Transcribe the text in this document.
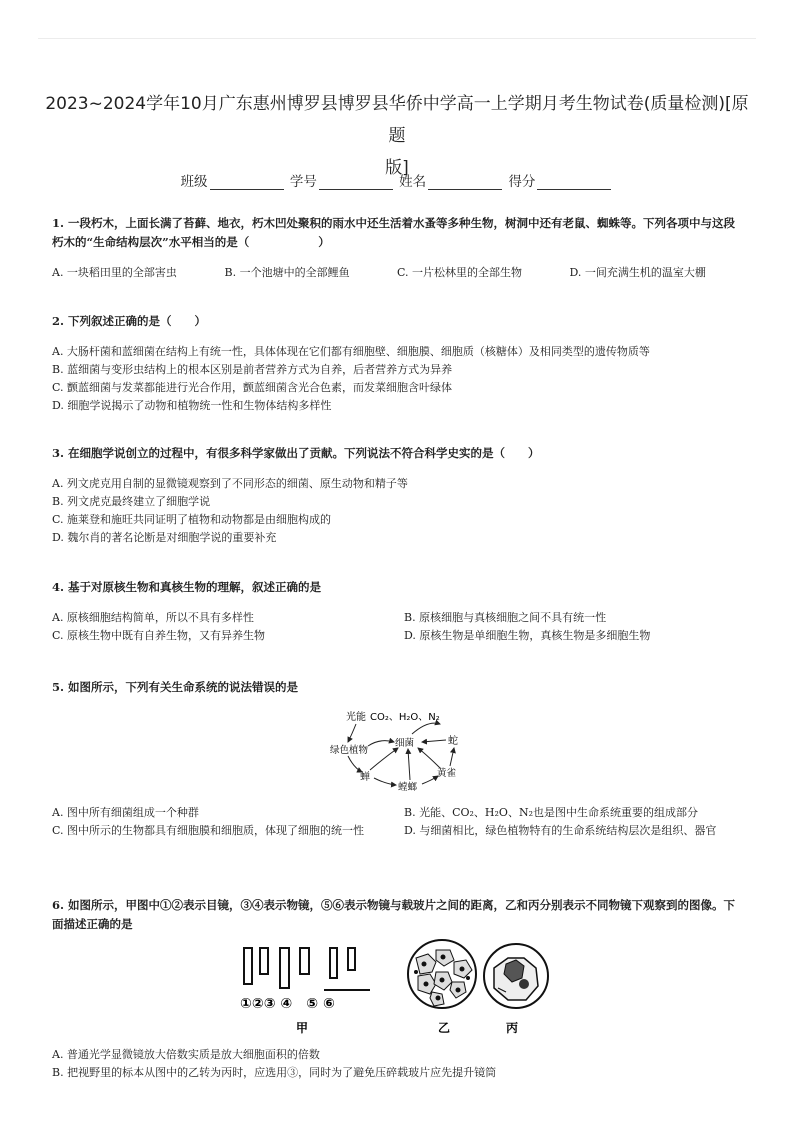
2023~2024学年10月广东惠州博罗县博罗县华侨中学高一上学期月考生物试卷(质量检测)[原题
版]
班级	学号	姓名	得分

1. 一段朽木，上面长满了苔藓、地衣，朽木凹处聚积的雨水中还生活着水蚤等多种生物，树洞中还有老鼠、蜘蛛等。下列各项中与这段朽木的“生命结构层次”水平相当的是（　　　　　　）

A. 一块稻田里的全部害虫	B. 一个池塘中的全部鲤鱼	C. 一片松林里的全部生物	D. 一间充满生机的温室大棚

2. 下列叙述正确的是（　　）

A. 大肠杆菌和蓝细菌在结构上有统一性，具体体现在它们都有细胞壁、细胞膜、细胞质（核糖体）及相同类型的遗传物质等
B. 蓝细菌与变形虫结构上的根本区别是前者营养方式为自养，后者营养方式为异养
C. 颤蓝细菌与发菜都能进行光合作用，颤蓝细菌含光合色素，而发菜细胞含叶绿体
D. 细胞学说揭示了动物和植物统一性和生物体结构多样性

3. 在细胞学说创立的过程中，有很多科学家做出了贡献。下列说法不符合科学史实的是（　　）

A. 列文虎克用自制的显微镜观察到了不同形态的细菌、原生动物和精子等
B. 列文虎克最终建立了细胞学说
C. 施莱登和施旺共同证明了植物和动物都是由细胞构成的
D. 魏尔肖的著名论断是对细胞学说的重要补充

4. 基于对原核生物和真核生物的理解，叙述正确的是

A. 原核细胞结构简单，所以不具有多样性	B. 原核细胞与真核细胞之间不具有统一性
C. 原核生物中既有自养生物，又有异养生物	D. 原核生物是单细胞生物，真核生物是多细胞生物

5. 如图所示，下列有关生命系统的说法错误的是

光能 CO₂、H₂O、N₂
绿色植物
细菌	蛇
蝉
螳螂
黄雀
A. 图中所有细菌组成一个种群	B. 光能、CO₂、H₂O、N₂也是图中生命系统重要的组成部分
C. 图中所示的生物都具有细胞膜和细胞质，体现了细胞的统一性	D. 与细菌相比，绿色植物特有的生命系统结构层次是组织、器官

6. 如图所示，甲图中①②表示目镜，③④表示物镜，⑤⑥表示物镜与载玻片之间的距离，乙和丙分别表示不同物镜下观察到的图像。下面描述正确的是

①②③ ④　⑤ ⑥
甲	乙	丙
A. 普通光学显微镜放大倍数实质是放大细胞面积的倍数
B. 把视野里的标本从图中的乙转为丙时，应选用③，同时为了避免压碎载玻片应先提升镜筒
